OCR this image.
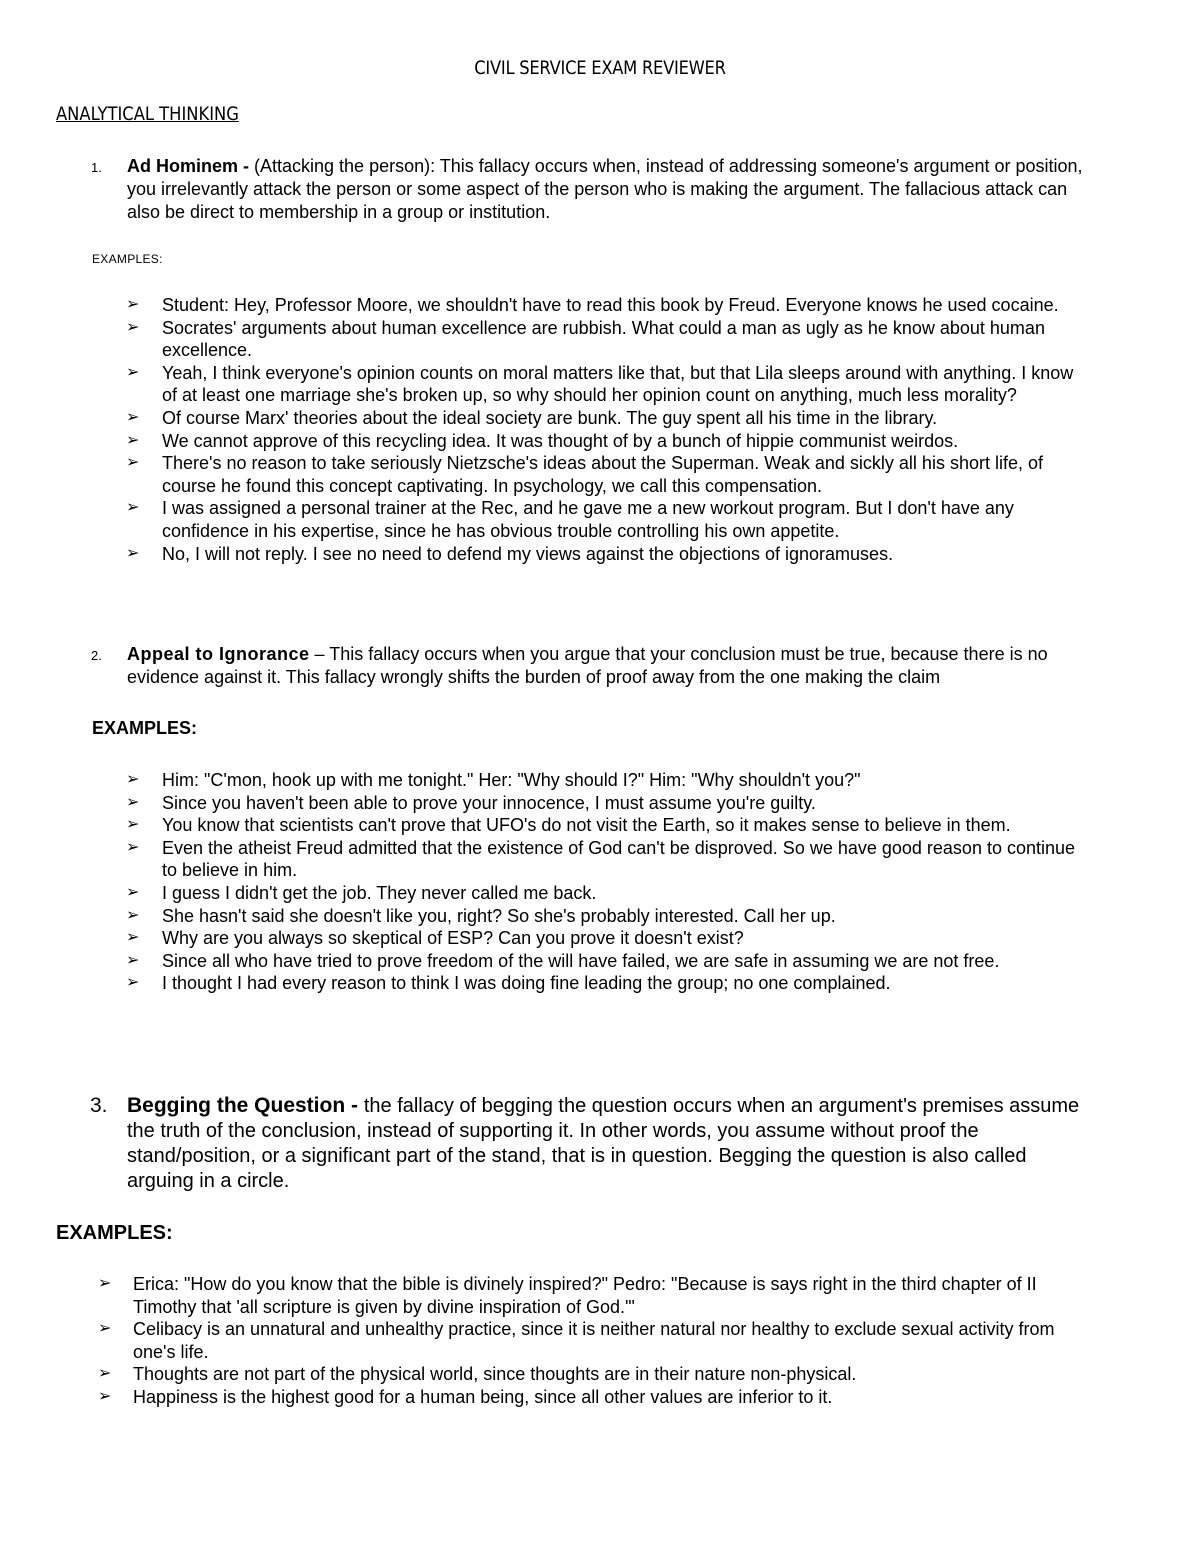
CIVIL SERVICE EXAM REVIEWER
ANALYTICAL THINKING
1. Ad Hominem - (Attacking the person): This fallacy occurs when, instead of addressing someone's argument or position, you irrelevantly attack the person or some aspect of the person who is making the argument. The fallacious attack can also be direct to membership in a group or institution.
EXAMPLES:
➢ Student: Hey, Professor Moore, we shouldn't have to read this book by Freud. Everyone knows he used cocaine.
➢ Socrates' arguments about human excellence are rubbish. What could a man as ugly as he know about human excellence.
➢ Yeah, I think everyone's opinion counts on moral matters like that, but that Lila sleeps around with anything. I know of at least one marriage she's broken up, so why should her opinion count on anything, much less morality?
➢ Of course Marx' theories about the ideal society are bunk. The guy spent all his time in the library.
➢ We cannot approve of this recycling idea. It was thought of by a bunch of hippie communist weirdos.
➢ There's no reason to take seriously Nietzsche's ideas about the Superman. Weak and sickly all his short life, of course he found this concept captivating. In psychology, we call this compensation.
➢ I was assigned a personal trainer at the Rec, and he gave me a new workout program. But I don't have any confidence in his expertise, since he has obvious trouble controlling his own appetite.
➢ No, I will not reply. I see no need to defend my views against the objections of ignoramuses.
2. Appeal to Ignorance – This fallacy occurs when you argue that your conclusion must be true, because there is no evidence against it. This fallacy wrongly shifts the burden of proof away from the one making the claim
EXAMPLES:
➢ Him: "C'mon, hook up with me tonight." Her: "Why should I?" Him: "Why shouldn't you?"
➢ Since you haven't been able to prove your innocence, I must assume you're guilty.
➢ You know that scientists can't prove that UFO's do not visit the Earth, so it makes sense to believe in them.
➢ Even the atheist Freud admitted that the existence of God can't be disproved. So we have good reason to continue to believe in him.
➢ I guess I didn't get the job. They never called me back.
➢ She hasn't said she doesn't like you, right? So she's probably interested. Call her up.
➢ Why are you always so skeptical of ESP? Can you prove it doesn't exist?
➢ Since all who have tried to prove freedom of the will have failed, we are safe in assuming we are not free.
➢ I thought I had every reason to think I was doing fine leading the group; no one complained.
3. Begging the Question - the fallacy of begging the question occurs when an argument's premises assume the truth of the conclusion, instead of supporting it. In other words, you assume without proof the stand/position, or a significant part of the stand, that is in question. Begging the question is also called arguing in a circle.
EXAMPLES:
➢ Erica: "How do you know that the bible is divinely inspired?" Pedro: "Because is says right in the third chapter of II Timothy that 'all scripture is given by divine inspiration of God.'"
➢ Celibacy is an unnatural and unhealthy practice, since it is neither natural nor healthy to exclude sexual activity from one's life.
➢ Thoughts are not part of the physical world, since thoughts are in their nature non-physical.
➢ Happiness is the highest good for a human being, since all other values are inferior to it.
